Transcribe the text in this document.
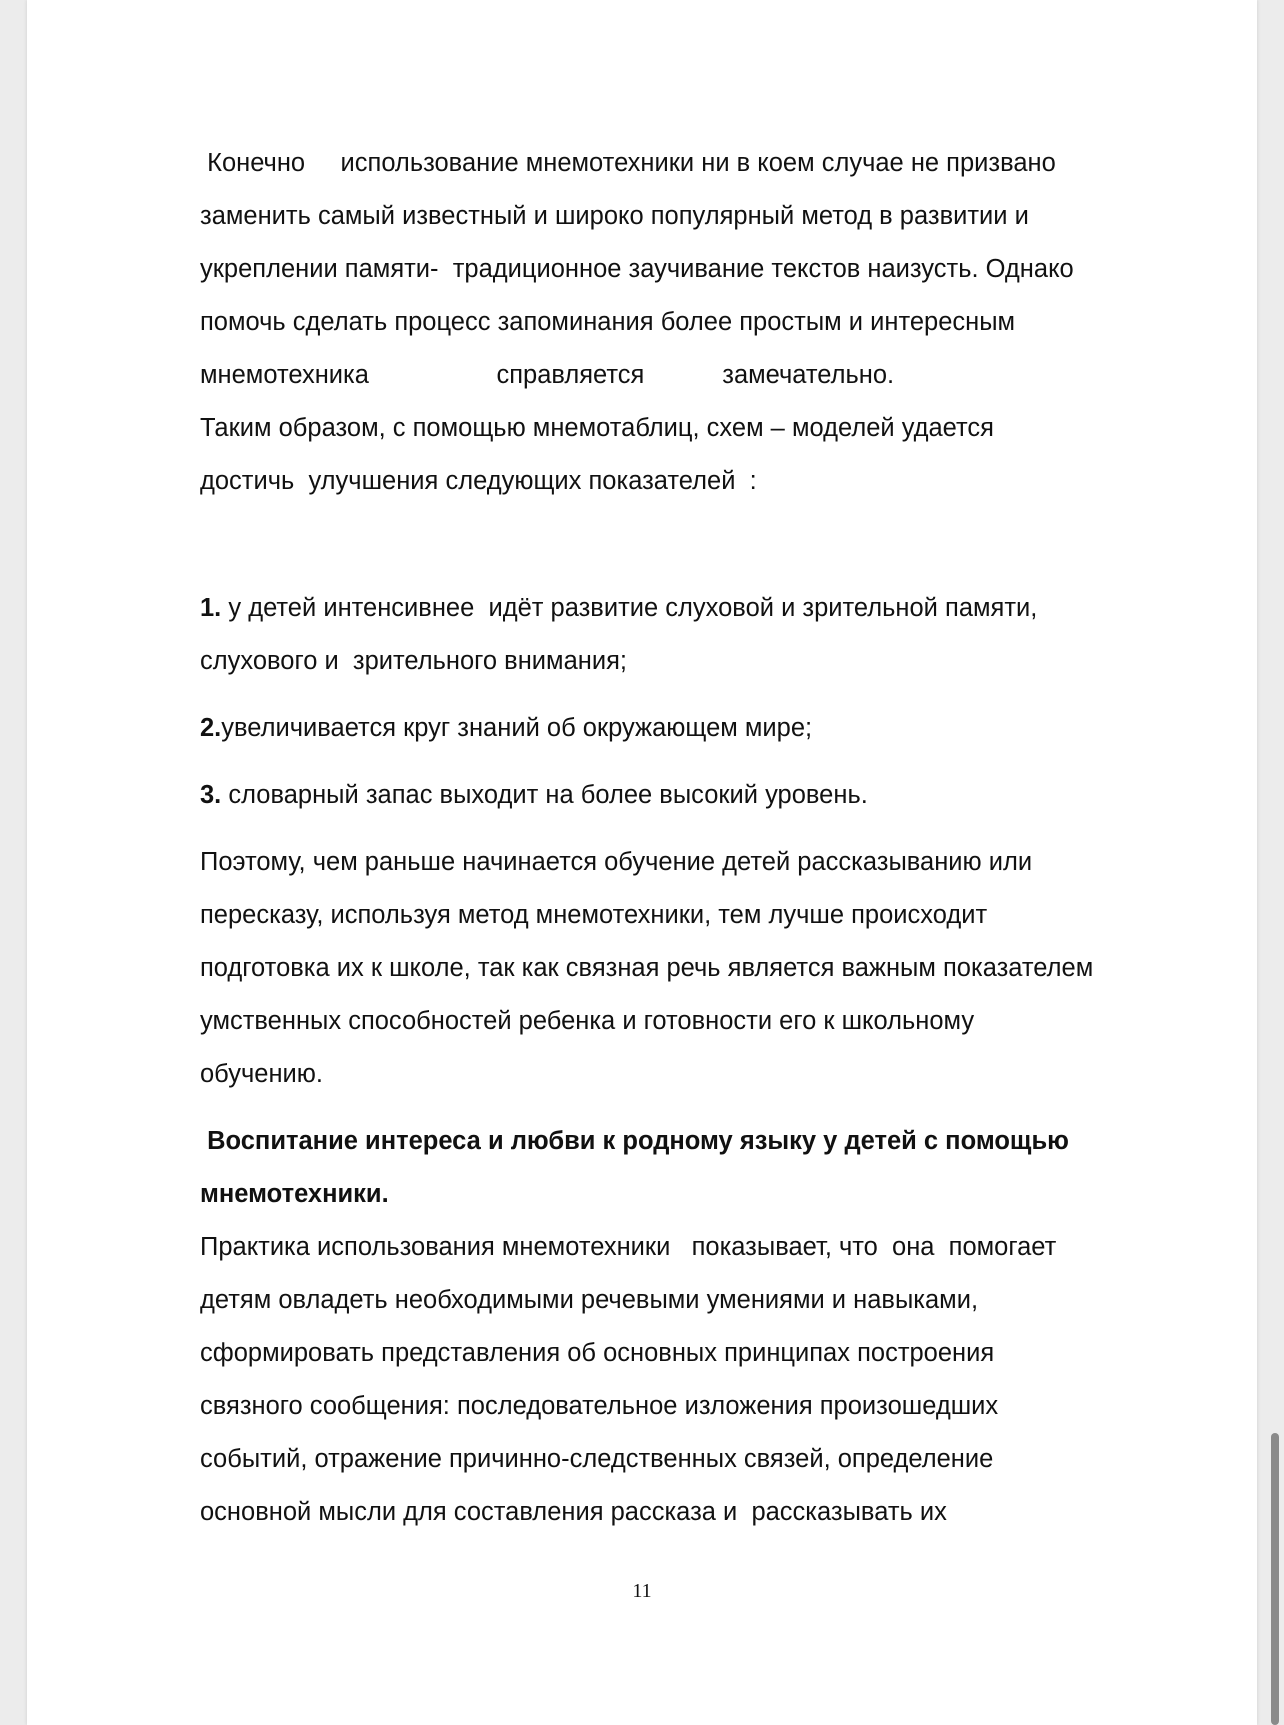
Конечно     использование мнемотехники ни в коем случае не призвано
заменить самый известный и широко популярный метод в развитии и
укреплении памяти-  традиционное заучивание текстов наизусть. Однако
помочь сделать процесс запоминания более простым и интересным
мнемотехника                  справляется           замечательно.
Таким образом, с помощью мнемотаблиц, схем – моделей удается
достичь  улучшения следующих показателей  :
1. у детей интенсивнее  идёт развитие слуховой и зрительной памяти,
слухового и  зрительного внимания;
2.увеличивается круг знаний об окружающем мире;
3. словарный запас выходит на более высокий уровень.
Поэтому, чем раньше начинается обучение детей рассказыванию или
пересказу, используя метод мнемотехники, тем лучше происходит
подготовка их к школе, так как связная речь является важным показателем
умственных способностей ребенка и готовности его к школьному
обучению.
Воспитание интереса и любви к родному языку у детей с помощью
мнемотехники.
Практика использования мнемотехники   показывает, что  она  помогает
детям овладеть необходимыми речевыми умениями и навыками,
сформировать представления об основных принципах построения
связного сообщения: последовательное изложения произошедших
событий, отражение причинно-следственных связей, определение
основной мысли для составления рассказа и  рассказывать их
11
